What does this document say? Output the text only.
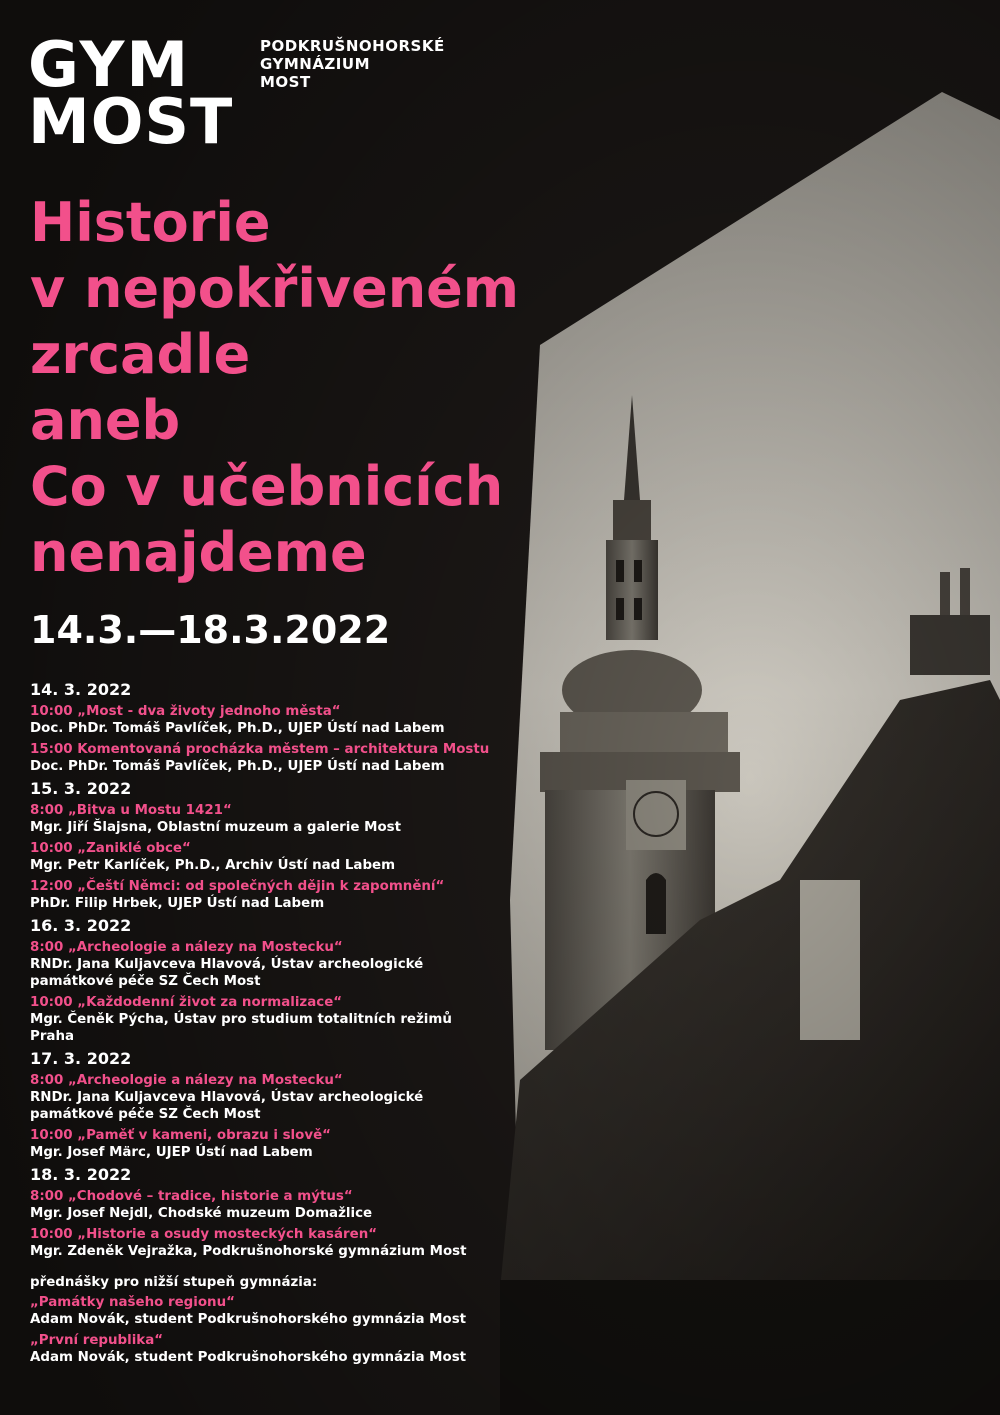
GYM
MOST
PODKRUŠNOHORSKÉ
GYMNÁZIUM
MOST
Historie
v nepokřiveném
zrcadle
aneb
Co v učebnicích
nenajdeme
14.3.—18.3.2022
14. 3. 2022
10:00 „Most - dva životy jednoho města“
Doc. PhDr. Tomáš Pavlíček, Ph.D., UJEP Ústí nad Labem
15:00 Komentovaná procházka městem – architektura Mostu
Doc. PhDr. Tomáš Pavlíček, Ph.D., UJEP Ústí nad Labem
15. 3. 2022
8:00 „Bitva u Mostu 1421“
Mgr. Jiří Šlajsna, Oblastní muzeum a galerie Most
10:00 „Zaniklé obce“
Mgr. Petr Karlíček, Ph.D., Archiv Ústí nad Labem
12:00 „Čeští Němci: od společných dějin k zapomnění“
PhDr. Filip Hrbek, UJEP Ústí nad Labem
16. 3. 2022
8:00 „Archeologie a nálezy na Mostecku“
RNDr. Jana Kuljavceva Hlavová, Ústav archeologické památkové péče SZ Čech Most
10:00 „Každodenní život za normalizace“
Mgr. Čeněk Pýcha, Ústav pro studium totalitních režimů Praha
17. 3. 2022
8:00 „Archeologie a nálezy na Mostecku“
RNDr. Jana Kuljavceva Hlavová, Ústav archeologické památkové péče SZ Čech Most
10:00 „Paměť v kameni, obrazu i slově“
Mgr. Josef Märc, UJEP Ústí nad Labem
18. 3. 2022
8:00 „Chodové – tradice, historie a mýtus“
Mgr. Josef Nejdl, Chodské muzeum Domažlice
10:00 „Historie a osudy mosteckých kasáren“
Mgr. Zdeněk Vejražka, Podkrušnohorské gymnázium Most
přednášky pro nižší stupeň gymnázia:
„Památky našeho regionu“
Adam Novák, student Podkrušnohorského gymnázia Most
„První republika“
Adam Novák, student Podkrušnohorského gymnázia Most
